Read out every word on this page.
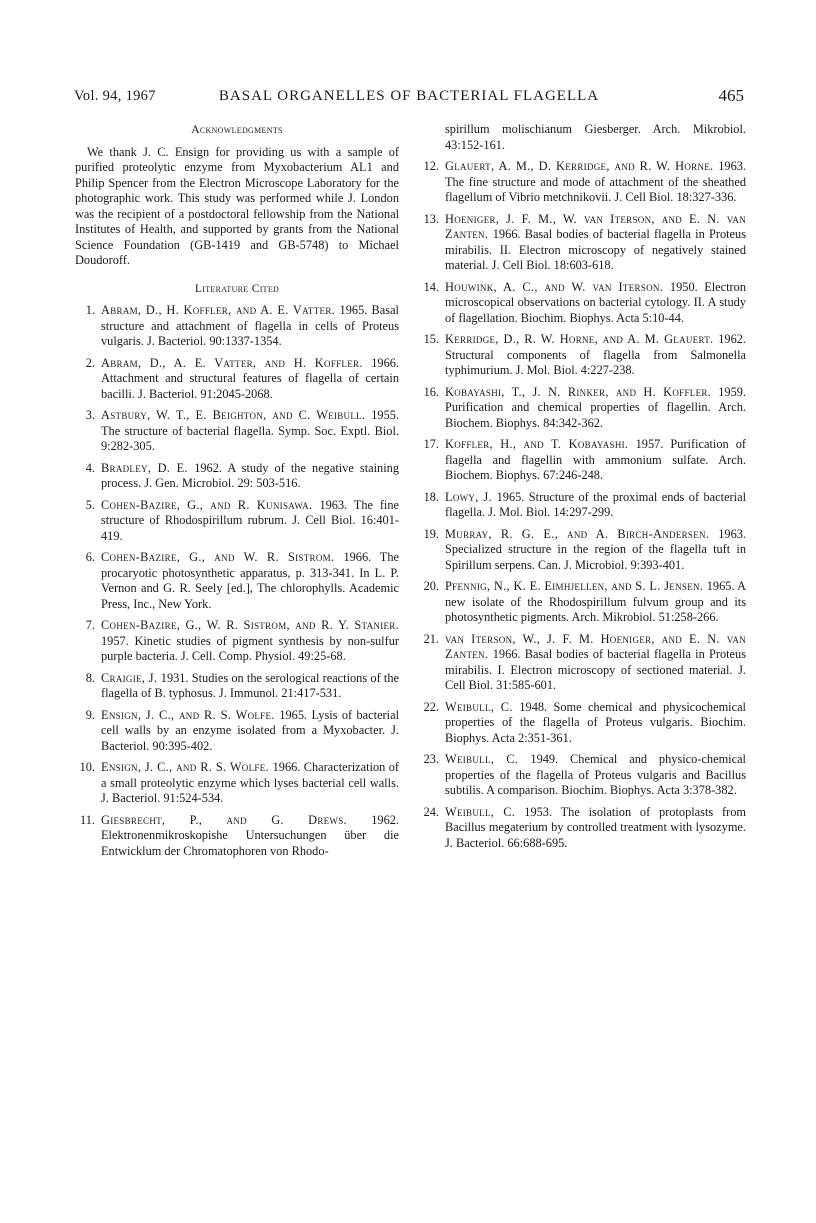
Vol. 94, 1967	BASAL ORGANELLES OF BACTERIAL FLAGELLA	465
Acknowledgments

We thank J. C. Ensign for providing us with a sample of purified proteolytic enzyme from Myxobacterium AL1 and Philip Spencer from the Electron Microscope Laboratory for the photographic work. This study was performed while J. London was the recipient of a postdoctoral fellowship from the National Institutes of Health, and supported by grants from the National Science Foundation (GB-1419 and GB-5748) to Michael Doudoroff.

Literature Cited
1. Abram, D., H. Koffler, and A. E. Vatter. 1965. Basal structure and attachment of flagella in cells of Proteus vulgaris. J. Bacteriol. 90:1337-1354.
2. Abram, D., A. E. Vatter, and H. Koffler. 1966. Attachment and structural features of flagella of certain bacilli. J. Bacteriol. 91:2045-2068.
3. Astbury, W. T., E. Beighton, and C. Weibull. 1955. The structure of bacterial flagella. Symp. Soc. Exptl. Biol. 9:282-305.
4. Bradley, D. E. 1962. A study of the negative staining process. J. Gen. Microbiol. 29: 503-516.
5. Cohen-Bazire, G., and R. Kunisawa. 1963. The fine structure of Rhodospirillum rubrum. J. Cell Biol. 16:401-419.
6. Cohen-Bazire, G., and W. R. Sistrom. 1966. The procaryotic photosynthetic apparatus, p. 313-341. In L. P. Vernon and G. R. Seely [ed.], The chlorophylls. Academic Press, Inc., New York.
7. Cohen-Bazire, G., W. R. Sistrom, and R. Y. Stanier. 1957. Kinetic studies of pigment synthesis by non-sulfur purple bacteria. J. Cell. Comp. Physiol. 49:25-68.
8. Craigie, J. 1931. Studies on the serological reactions of the flagella of B. typhosus. J. Immunol. 21:417-531.
9. Ensign, J. C., and R. S. Wolfe. 1965. Lysis of bacterial cell walls by an enzyme isolated from a Myxobacter. J. Bacteriol. 90:395-402.
10. Ensign, J. C., and R. S. Wolfe. 1966. Characterization of a small proteolytic enzyme which lyses bacterial cell walls. J. Bacteriol. 91:524-534.
11. Giesbrecht, P., and G. Drews. 1962. Elektronenmikroskopishe Untersuchungen über die Entwicklum der Chromatophoren von Rhodo-

spirillum molischianum Giesberger. Arch. Mikrobiol. 43:152-161.

12. Glauert, A. M., D. Kerridge, and R. W. Horne. 1963. The fine structure and mode of attachment of the sheathed flagellum of Vibrio metchnikovii. J. Cell Biol. 18:327-336.
13. Hoeniger, J. F. M., W. van Iterson, and E. N. van Zanten. 1966. Basal bodies of bacterial flagella in Proteus mirabilis. II. Electron microscopy of negatively stained material. J. Cell Biol. 18:603-618.
14. Houwink, A. C., and W. van Iterson. 1950. Electron microscopical observations on bacterial cytology. II. A study of flagellation. Biochim. Biophys. Acta 5:10-44.
15. Kerridge, D., R. W. Horne, and A. M. Glauert. 1962. Structural components of flagella from Salmonella typhimurium. J. Mol. Biol. 4:227-238.
16. Kobayashi, T., J. N. Rinker, and H. Koffler. 1959. Purification and chemical properties of flagellin. Arch. Biochem. Biophys. 84:342-362.
17. Koffler, H., and T. Kobayashi. 1957. Purification of flagella and flagellin with ammonium sulfate. Arch. Biochem. Biophys. 67:246-248.
18. Lowy, J. 1965. Structure of the proximal ends of bacterial flagella. J. Mol. Biol. 14:297-299.
19. Murray, R. G. E., and A. Birch-Andersen. 1963. Specialized structure in the region of the flagella tuft in Spirillum serpens. Can. J. Microbiol. 9:393-401.
20. Pfennig, N., K. E. Eimhjellen, and S. L. Jensen. 1965. A new isolate of the Rhodospirillum fulvum group and its photosynthetic pigments. Arch. Mikrobiol. 51:258-266.
21. van Iterson, W., J. F. M. Hoeniger, and E. N. van Zanten. 1966. Basal bodies of bacterial flagella in Proteus mirabilis. I. Electron microscopy of sectioned material. J. Cell Biol. 31:585-601.
22. Weibull, C. 1948. Some chemical and physicochemical properties of the flagella of Proteus vulgaris. Biochim. Biophys. Acta 2:351-361.
23. Weibull, C. 1949. Chemical and physico-chemical properties of the flagella of Proteus vulgaris and Bacillus subtilis. A comparison. Biochim. Biophys. Acta 3:378-382.
24. Weibull, C. 1953. The isolation of protoplasts from Bacillus megaterium by controlled treatment with lysozyme. J. Bacteriol. 66:688-695.
